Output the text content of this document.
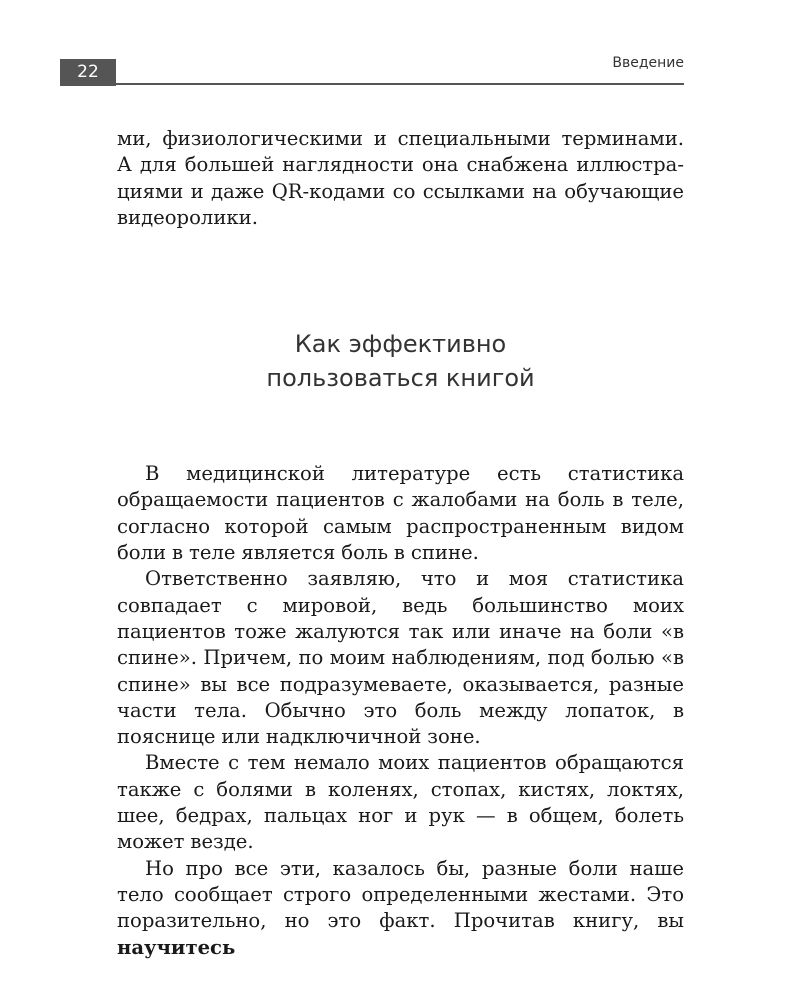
22	Введение

ми, физиологическими и специальными терминами. А для большей наглядности она снабжена иллюстрациями и даже QR-кодами со ссылками на обучающие видеоролики.

Как эффективно
пользоваться книгой

В медицинской литературе есть статистика обращаемости пациентов с жалобами на боль в теле, согласно которой самым распространенным видом боли в теле является боль в спине.

Ответственно заявляю, что и моя статистика совпадает с мировой, ведь большинство моих пациентов тоже жалуются так или иначе на боли «в спине». Причем, по моим наблюдениям, под болью «в спине» вы все подразумеваете, оказывается, разные части тела. Обычно это боль между лопаток, в пояснице или надключичной зоне.

Вместе с тем немало моих пациентов обращаются также с болями в коленях, стопах, кистях, локтях, шее, бедрах, пальцах ног и рук — в общем, болеть может везде.

Но про все эти, казалось бы, разные боли наше тело сообщает строго определенными жестами. Это поразительно, но это факт. Прочитав книгу, вы научитесь
